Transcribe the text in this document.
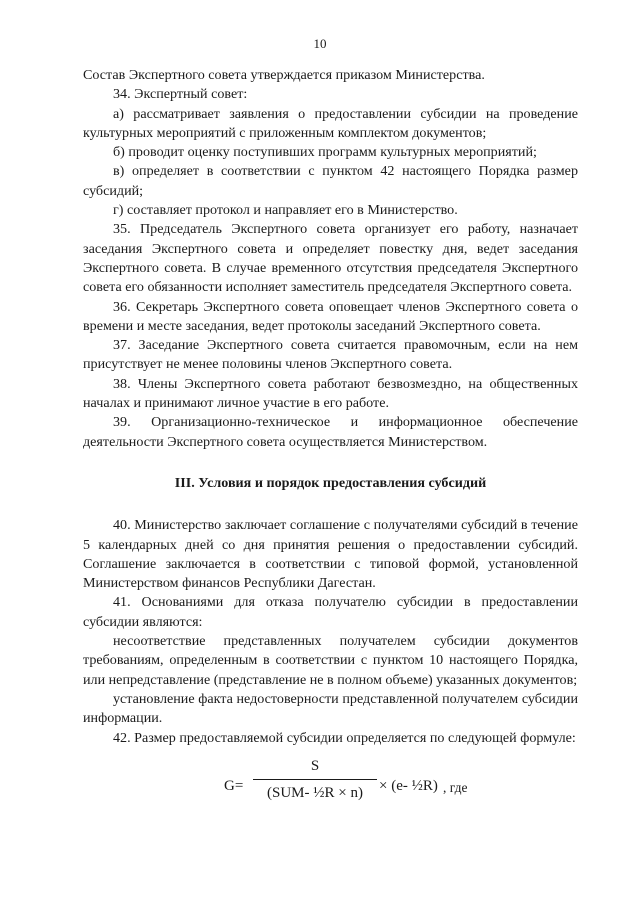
10

Состав Экспертного совета утверждается приказом Министерства.

34. Экспертный совет:

а) рассматривает заявления о предоставлении субсидии на проведение культурных мероприятий с приложенным комплектом документов;

б) проводит оценку поступивших программ культурных мероприятий;

в) определяет в соответствии с пунктом 42 настоящего Порядка размер субсидий;

г) составляет протокол и направляет его в Министерство.

35. Председатель Экспертного совета организует его работу, назначает заседания Экспертного совета и определяет повестку дня, ведет заседания Экспертного совета. В случае временного отсутствия председателя Экспертного совета его обязанности исполняет заместитель председателя Экспертного совета.

36. Секретарь Экспертного совета оповещает членов Экспертного совета о времени и месте заседания, ведет протоколы заседаний Экспертного совета.

37. Заседание Экспертного совета считается правомочным, если на нем присутствует не менее половины членов Экспертного совета.

38. Члены Экспертного совета работают безвозмездно, на общественных началах и принимают личное участие в его работе.

39. Организационно-техническое и информационное обеспечение деятельности Экспертного совета осуществляется Министерством.

III. Условия и порядок предоставления субсидий

40. Министерство заключает соглашение с получателями субсидий в течение 5 календарных дней со дня принятия решения о предоставлении субсидий. Соглашение заключается в соответствии с типовой формой, установленной Министерством финансов Республики Дагестан.

41. Основаниями для отказа получателю субсидии в предоставлении субсидии являются:

несоответствие представленных получателем субсидии документов требованиям, определенным в соответствии с пунктом 10 настоящего Порядка, или непредставление (представление не в полном объеме) указанных документов;

установление факта недостоверности представленной получателем субсидии информации.

42. Размер предоставляемой субсидии определяется по следующей формуле:

G=
S
(SUM- ½R × n)	× (e- ½R) , где
